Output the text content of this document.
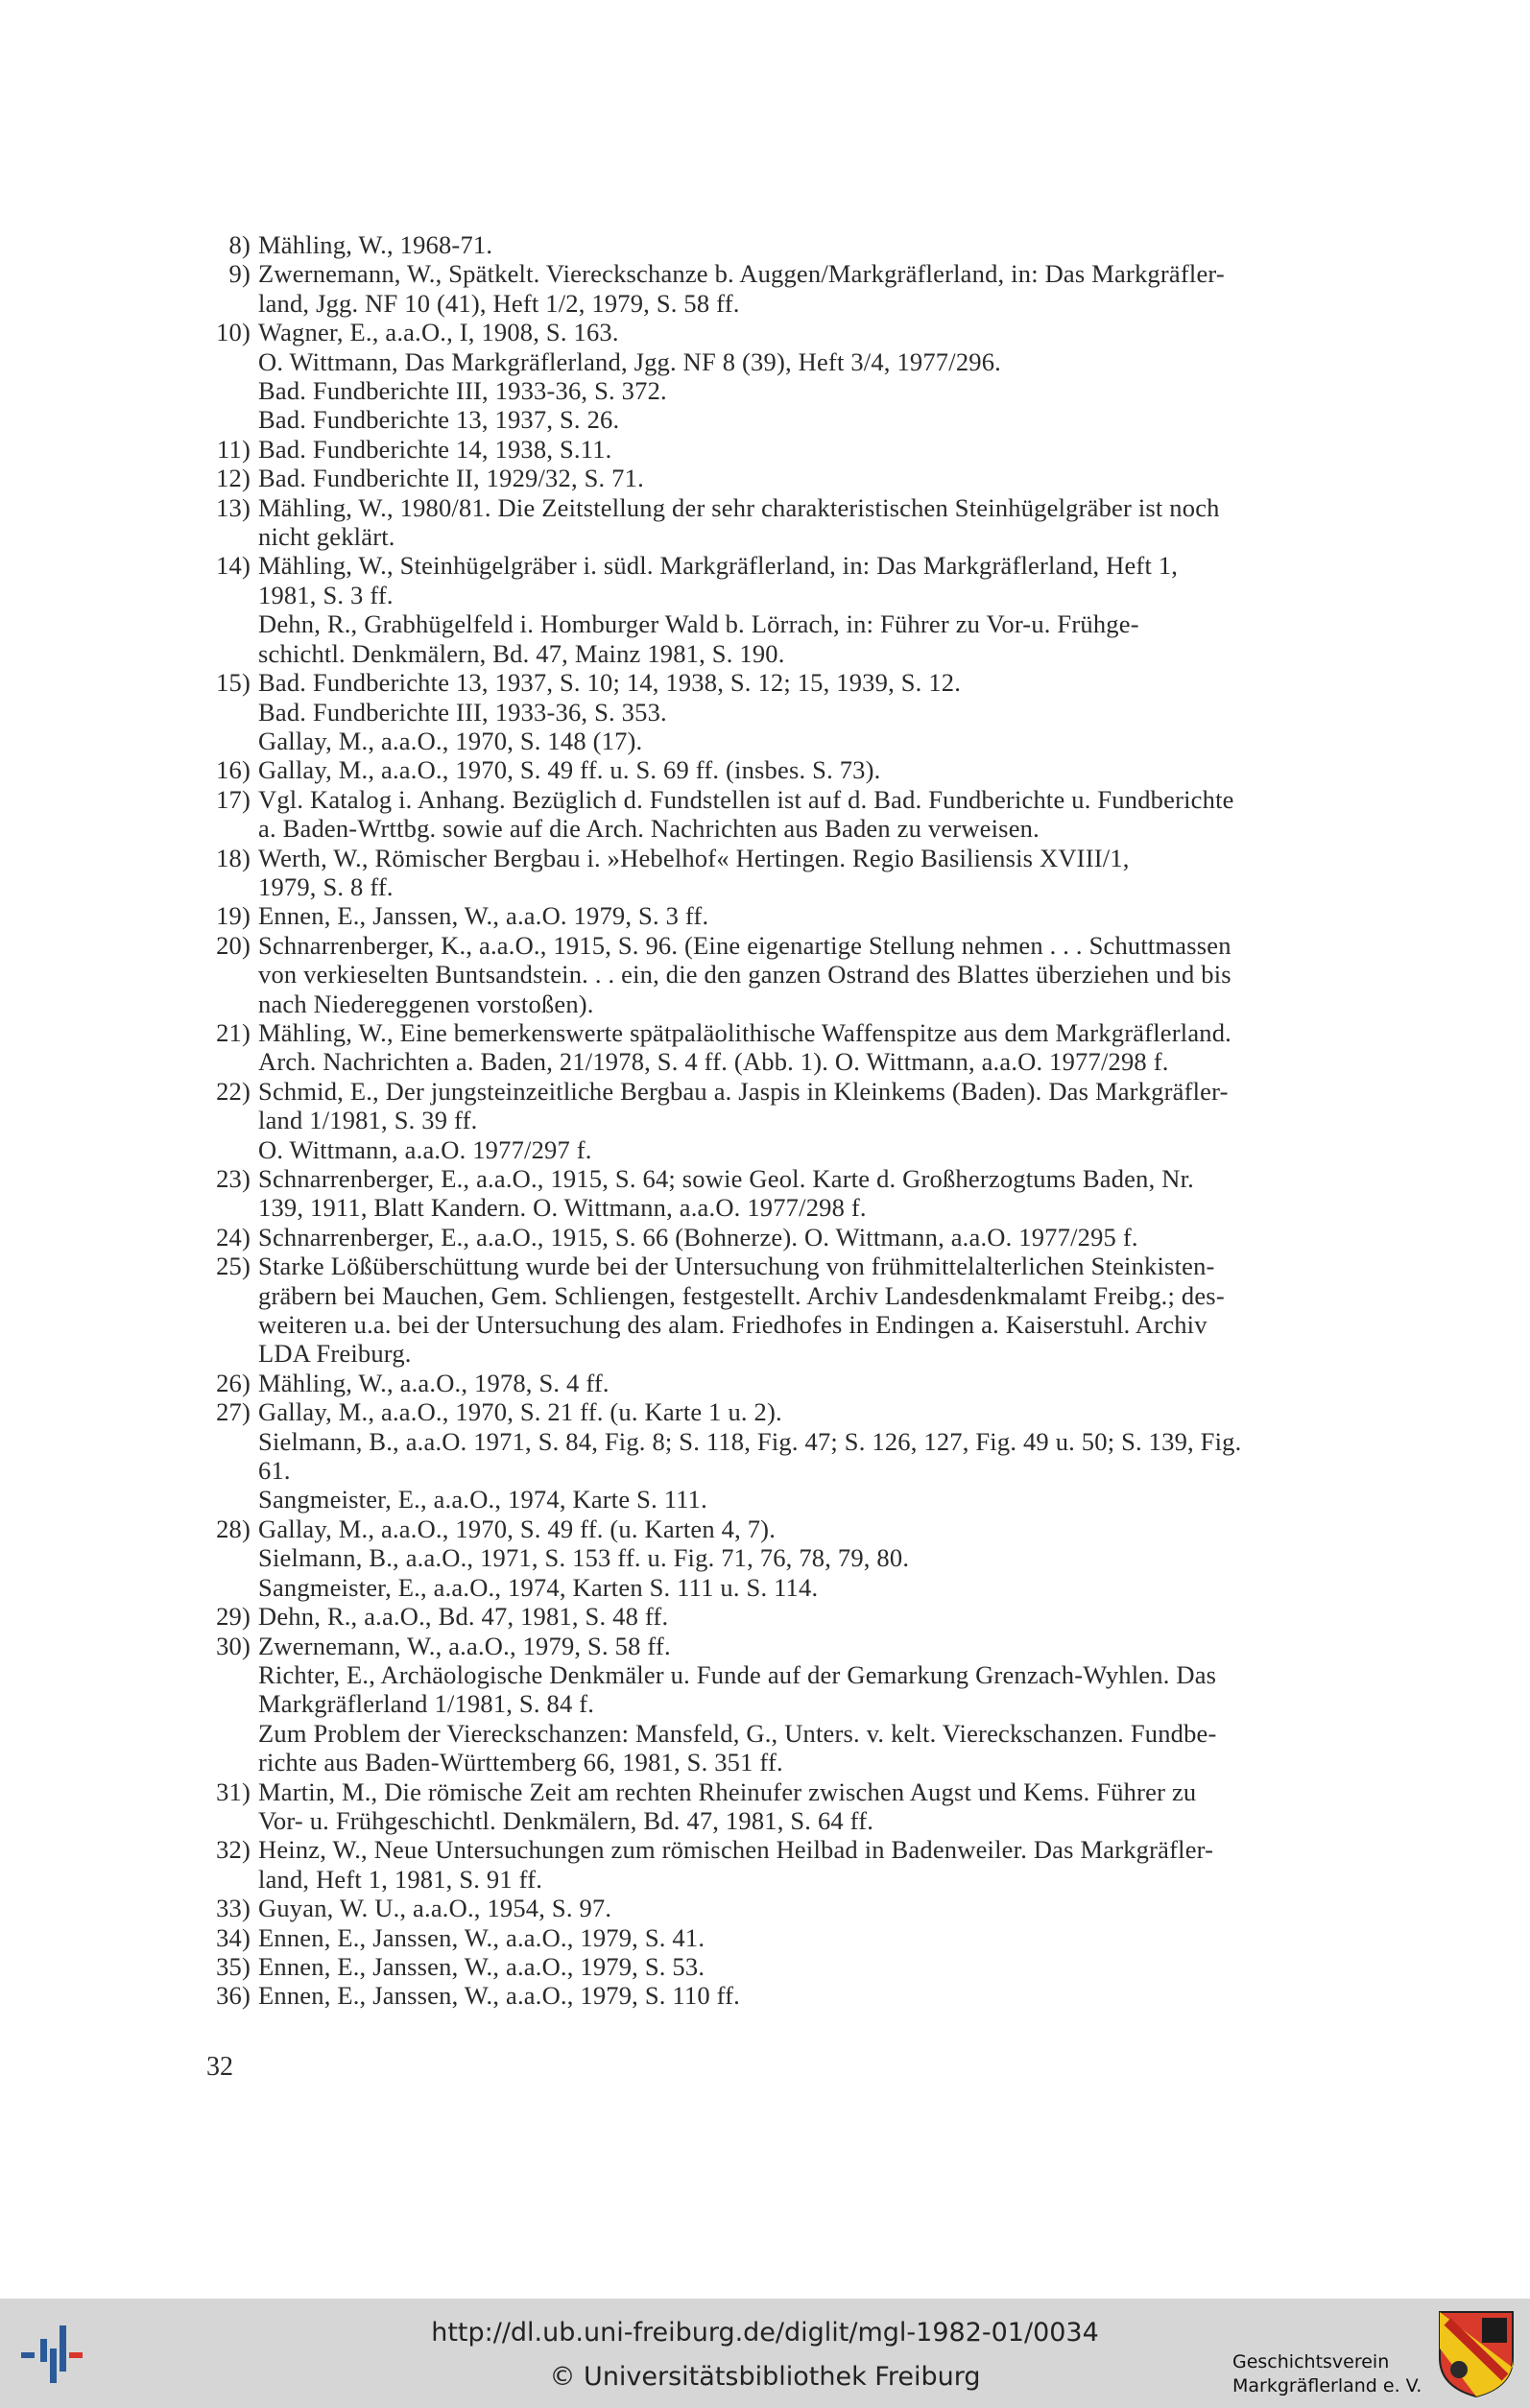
8) Mähling, W., 1968-71.
9) Zwernemann, W., Spätkelt. Viereckschanze b. Auggen/Markgräflerland, in: Das Markgräfler-
land, Jgg. NF 10 (41), Heft 1/2, 1979, S. 58 ff.
10) Wagner, E., a.a.O., I, 1908, S. 163.
O. Wittmann, Das Markgräflerland, Jgg. NF 8 (39), Heft 3/4, 1977/296.
Bad. Fundberichte III, 1933-36, S. 372.
Bad. Fundberichte 13, 1937, S. 26.
11) Bad. Fundberichte 14, 1938, S.11.
12) Bad. Fundberichte II, 1929/32, S. 71.
13) Mähling, W., 1980/81. Die Zeitstellung der sehr charakteristischen Steinhügelgräber ist noch
nicht geklärt.
14) Mähling, W., Steinhügelgräber i. südl. Markgräflerland, in: Das Markgräflerland, Heft 1,
1981, S. 3 ff.
Dehn, R., Grabhügelfeld i. Homburger Wald b. Lörrach, in: Führer zu Vor-u. Frühge-
schichtl. Denkmälern, Bd. 47, Mainz 1981, S. 190.
15) Bad. Fundberichte 13, 1937, S. 10; 14, 1938, S. 12; 15, 1939, S. 12.
Bad. Fundberichte III, 1933-36, S. 353.
Gallay, M., a.a.O., 1970, S. 148 (17).
16) Gallay, M., a.a.O., 1970, S. 49 ff. u. S. 69 ff. (insbes. S. 73).
17) Vgl. Katalog i. Anhang. Bezüglich d. Fundstellen ist auf d. Bad. Fundberichte u. Fundberichte
a. Baden-Wrttbg. sowie auf die Arch. Nachrichten aus Baden zu verweisen.
18) Werth, W., Römischer Bergbau i. »Hebelhof« Hertingen. Regio Basiliensis XVIII/1,
1979, S. 8 ff.
19) Ennen, E., Janssen, W., a.a.O. 1979, S. 3 ff.
20) Schnarrenberger, K., a.a.O., 1915, S. 96. (Eine eigenartige Stellung nehmen . . . Schuttmassen
von verkieselten Buntsandstein. . . ein, die den ganzen Ostrand des Blattes überziehen und bis
nach Niedereggenen vorstoßen).
21) Mähling, W., Eine bemerkenswerte spätpaläolithische Waffenspitze aus dem Markgräflerland.
Arch. Nachrichten a. Baden, 21/1978, S. 4 ff. (Abb. 1). O. Wittmann, a.a.O. 1977/298 f.
22) Schmid, E., Der jungsteinzeitliche Bergbau a. Jaspis in Kleinkems (Baden). Das Markgräfler-
land 1/1981, S. 39 ff.
O. Wittmann, a.a.O. 1977/297 f.
23) Schnarrenberger, E., a.a.O., 1915, S. 64; sowie Geol. Karte d. Großherzogtums Baden, Nr.
139, 1911, Blatt Kandern. O. Wittmann, a.a.O. 1977/298 f.
24) Schnarrenberger, E., a.a.O., 1915, S. 66 (Bohnerze). O. Wittmann, a.a.O. 1977/295 f.
25) Starke Lößüberschüttung wurde bei der Untersuchung von frühmittelalterlichen Steinkisten-
gräbern bei Mauchen, Gem. Schliengen, festgestellt. Archiv Landesdenkmalamt Freibg.; des-
weiteren u.a. bei der Untersuchung des alam. Friedhofes in Endingen a. Kaiserstuhl. Archiv
LDA Freiburg.
26) Mähling, W., a.a.O., 1978, S. 4 ff.
27) Gallay, M., a.a.O., 1970, S. 21 ff. (u. Karte 1 u. 2).
Sielmann, B., a.a.O. 1971, S. 84, Fig. 8; S. 118, Fig. 47; S. 126, 127, Fig. 49 u. 50; S. 139, Fig.
61.
Sangmeister, E., a.a.O., 1974, Karte S. 111.
28) Gallay, M., a.a.O., 1970, S. 49 ff. (u. Karten 4, 7).
Sielmann, B., a.a.O., 1971, S. 153 ff. u. Fig. 71, 76, 78, 79, 80.
Sangmeister, E., a.a.O., 1974, Karten S. 111 u. S. 114.
29) Dehn, R., a.a.O., Bd. 47, 1981, S. 48 ff.
30) Zwernemann, W., a.a.O., 1979, S. 58 ff.
Richter, E., Archäologische Denkmäler u. Funde auf der Gemarkung Grenzach-Wyhlen. Das
Markgräflerland 1/1981, S. 84 f.
Zum Problem der Viereckschanzen: Mansfeld, G., Unters. v. kelt. Viereckschanzen. Fundbe-
richte aus Baden-Württemberg 66, 1981, S. 351 ff.
31) Martin, M., Die römische Zeit am rechten Rheinufer zwischen Augst und Kems. Führer zu
Vor- u. Frühgeschichtl. Denkmälern, Bd. 47, 1981, S. 64 ff.
32) Heinz, W., Neue Untersuchungen zum römischen Heilbad in Badenweiler. Das Markgräfler-
land, Heft 1, 1981, S. 91 ff.
33) Guyan, W. U., a.a.O., 1954, S. 97.
34) Ennen, E., Janssen, W., a.a.O., 1979, S. 41.
35) Ennen, E., Janssen, W., a.a.O., 1979, S. 53.
36) Ennen, E., Janssen, W., a.a.O., 1979, S. 110 ff.
32
http://dl.ub.uni-freiburg.de/diglit/mgl-1982-01/0034
© Universitätsbibliothek Freiburg	Geschichtsverein
Markgräflerland e. V.
